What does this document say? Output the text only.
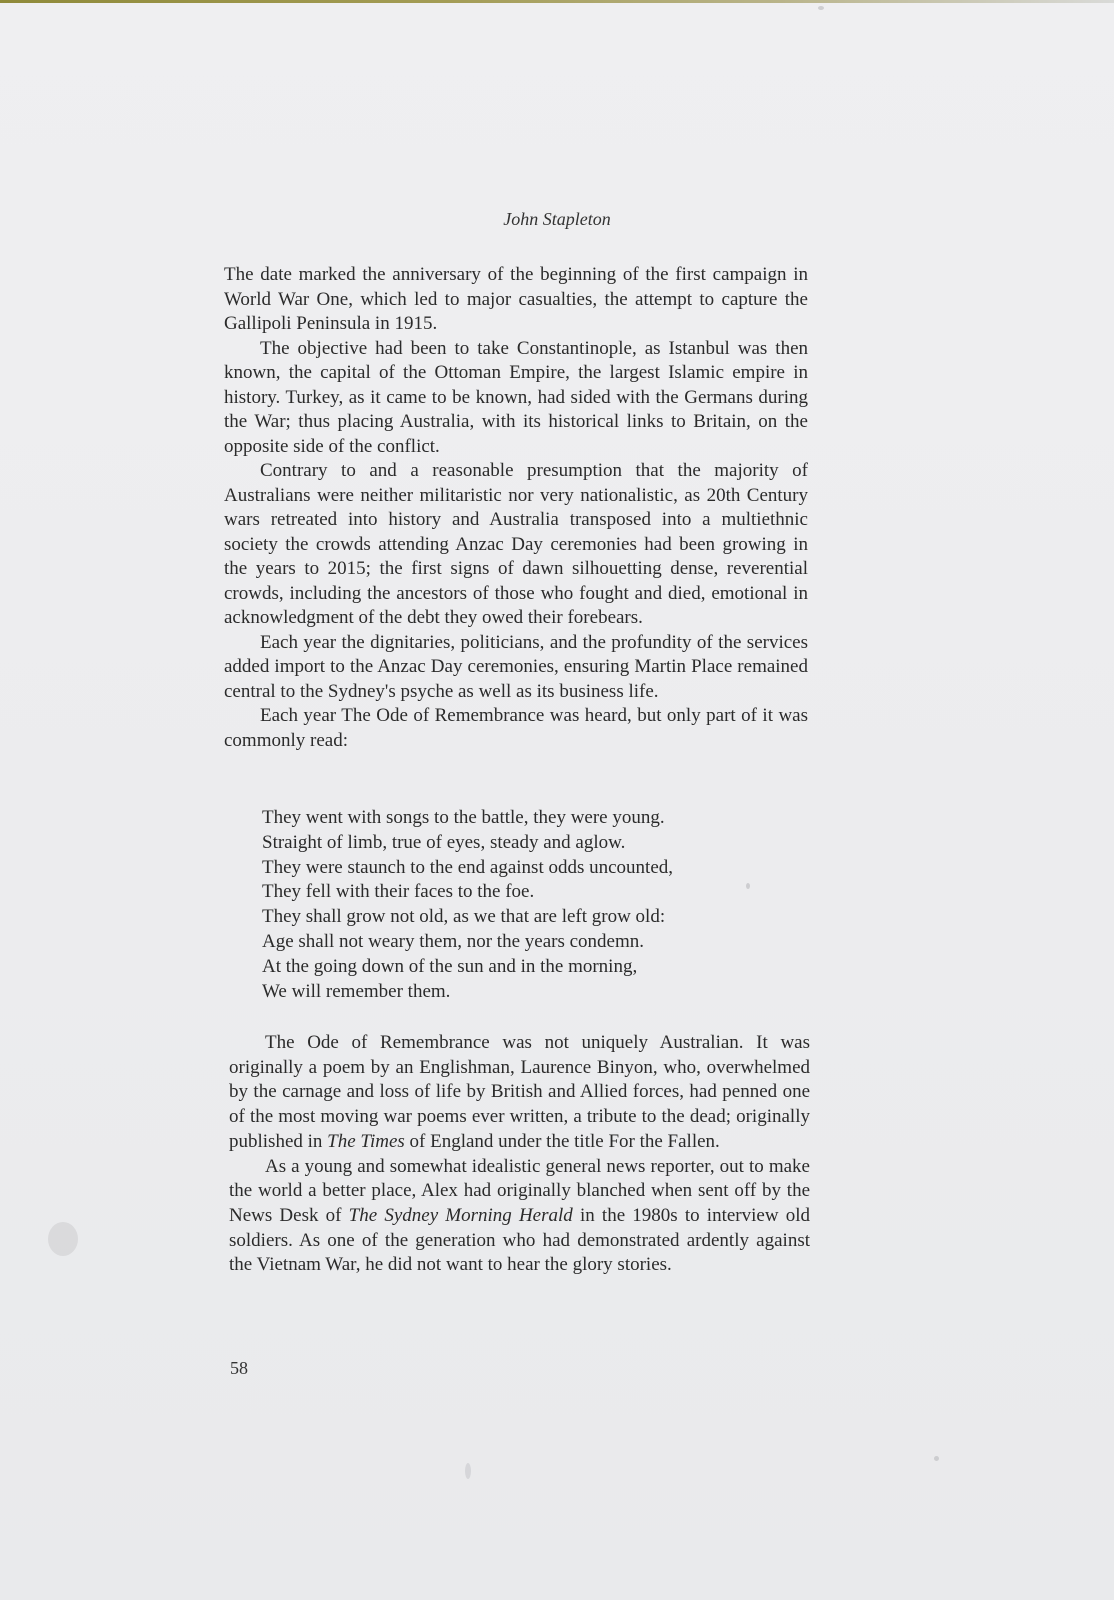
John Stapleton

The date marked the anniversary of the beginning of the first campaign in World War One, which led to major casualties, the attempt to capture the Gallipoli Peninsula in 1915.

The objective had been to take Constantinople, as Istanbul was then known, the capital of the Ottoman Empire, the largest Islamic empire in history. Turkey, as it came to be known, had sided with the Germans during the War; thus placing Australia, with its historical links to Britain, on the opposite side of the conflict.

Contrary to and a reasonable presumption that the majority of Australians were neither militaristic nor very nationalistic, as 20th Century wars retreated into history and Australia transposed into a multiethnic society the crowds attending Anzac Day ceremonies had been growing in the years to 2015; the first signs of dawn silhouetting dense, reverential crowds, including the ancestors of those who fought and died, emotional in acknowledgment of the debt they owed their forebears.

Each year the dignitaries, politicians, and the profundity of the services added import to the Anzac Day ceremonies, ensuring Martin Place remained central to the Sydney's psyche as well as its business life.

Each year The Ode of Remembrance was heard, but only part of it was commonly read:

They went with songs to the battle, they were young.
Straight of limb, true of eyes, steady and aglow.
They were staunch to the end against odds uncounted,
They fell with their faces to the foe.
They shall grow not old, as we that are left grow old:
Age shall not weary them, nor the years condemn.
At the going down of the sun and in the morning,
We will remember them.

The Ode of Remembrance was not uniquely Australian. It was originally a poem by an Englishman, Laurence Binyon, who, overwhelmed by the carnage and loss of life by British and Allied forces, had penned one of the most moving war poems ever written, a tribute to the dead; originally published in The Times of England under the title For the Fallen.

As a young and somewhat idealistic general news reporter, out to make the world a better place, Alex had originally blanched when sent off by the News Desk of The Sydney Morning Herald in the 1980s to interview old soldiers. As one of the generation who had demonstrated ardently against the Vietnam War, he did not want to hear the glory stories.

58
